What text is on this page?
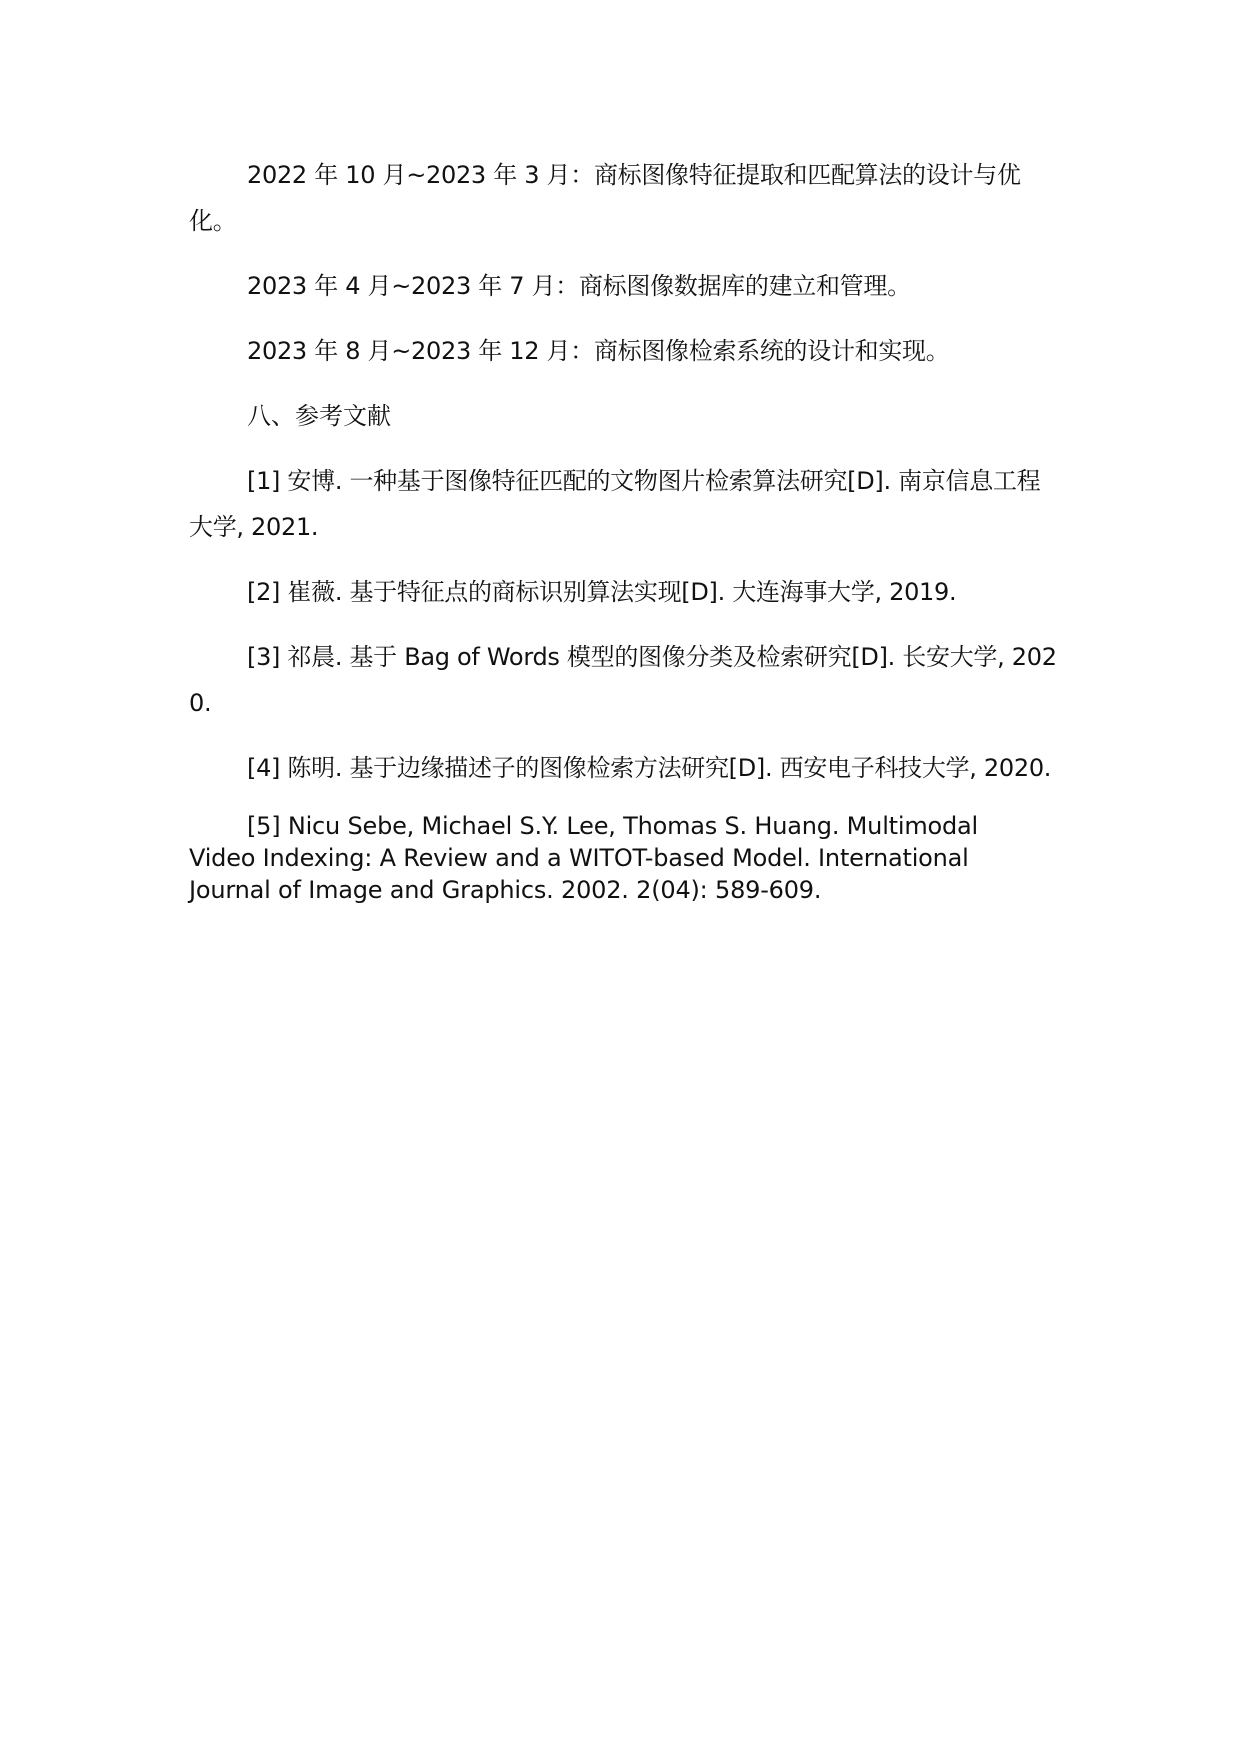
2022 年 10 月~2023 年 3 月：商标图像特征提取和匹配算法的设计与优化。

2023 年 4 月~2023 年 7 月：商标图像数据库的建立和管理。

2023 年 8 月~2023 年 12 月：商标图像检索系统的设计和实现。

八、参考文献

[1] 安博. 一种基于图像特征匹配的文物图片检索算法研究[D]. 南京信息工程大学, 2021.

[2] 崔薇. 基于特征点的商标识别算法实现[D]. 大连海事大学, 2019.

[3] 祁晨. 基于 Bag of Words 模型的图像分类及检索研究[D]. 长安大学, 2020.

[4] 陈明. 基于边缘描述子的图像检索方法研究[D]. 西安电子科技大学, 2020.

[5] Nicu Sebe, Michael S.Y. Lee, Thomas S. Huang. Multimodal Video Indexing: A Review and a WITOT-based Model. International Journal of Image and Graphics. 2002. 2(04): 589-609.
